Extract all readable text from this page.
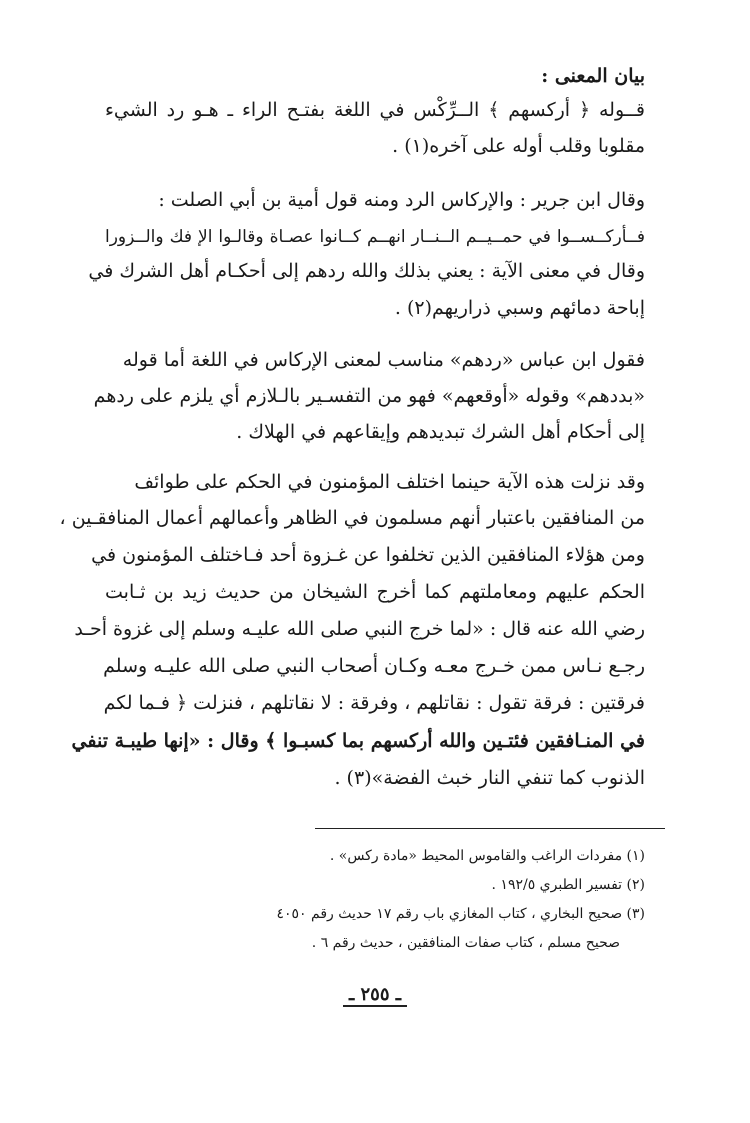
بيان المعنى :
قــوله ﴿ أركسهم ﴾ الــرِّكْس في اللغة بفتـح الراء ـ هـو رد الشيء
مقلوبا وقلب أوله على آخره(١) .
وقال ابن جرير : والإركاس الرد ومنه قول أمية بن أبي الصلت :
فــأركــســوا في حمــيــم الــنــار انهــم كــانوا عصـاة وقالـوا الإ فك والــزورا
وقال في معنى الآية : يعني بذلك والله ردهم إلى أحكـام أهل الشرك في
إباحة دمائهم وسبي ذراريهم(٢) .
فقول ابن عباس «ردهم» مناسب لمعنى الإركاس في اللغة أما قوله
«بددهم» وقوله «أوقعهم» فهو من التفسـير بالـلازم أي يلزم على ردهم
إلى أحكام أهل الشرك تبديدهم وإيقاعهم في الهلاك .
وقد نزلت هذه الآية حينما اختلف المؤمنون في الحكم على طوائف
من المنافقين باعتبار أنهم مسلمون في الظاهر وأعمالهم أعمال المنافقـين ،
ومن هؤلاء المنافقين الذين تخلفوا عن غـزوة أحد فـاختلف المؤمنون في
الحكم عليهم ومعاملتهم كما أخرج الشيخان من حديث زيد بن ثـابت
رضي الله عنه قال : «لما خرج النبي صلى الله عليـه وسلم إلى غزوة أحـد
رجـع نـاس ممن خـرج معـه وكـان أصحاب النبي صلى الله عليـه وسلم
فرقتين : فرقة تقول : نقاتلهم ، وفرقة : لا نقاتلهم ، فنزلت ﴿ فـما لكم
في المنـافقين فئتـين والله أركسهم بما كسبـوا ﴾ وقال : «إنها طيبـة تنفي
الذنوب كما تنفي النار خبث الفضة»(٣) .
(١) مفردات الراغب والقاموس المحيط «مادة ركس» .
(٢) تفسير الطبري ١٩٢/٥ .
(٣) صحيح البخاري ، كتاب المغازي باب رقم ١٧ حديث رقم ٤٠٥٠
صحيح مسلم ، كتاب صفات المنافقين ، حديث رقم ٦ .
ـ ٢٥٥ ـ
